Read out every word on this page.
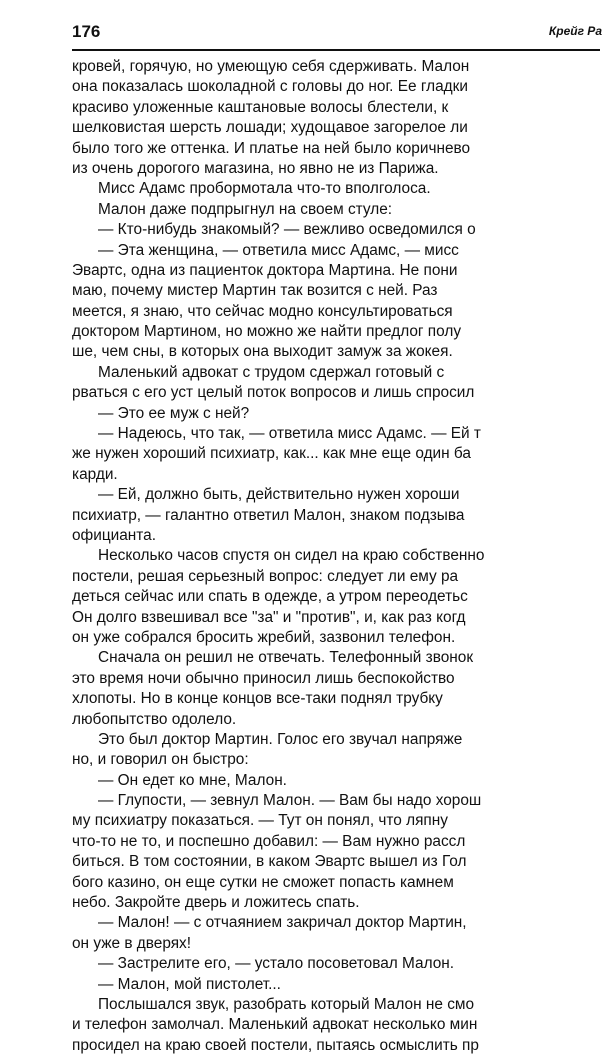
176	Крейг Ра
кровей, горячую, но умеющую себя сдерживать. Малон
она показалась шоколадной с головы до ног. Ее гладки
красиво уложенные каштановые волосы блестели, к
шелковистая шерсть лошади; худощавое загорелое ли
было того же оттенка. И платье на ней было коричнево
из очень дорогого магазина, но явно не из Парижа.
Мисс Адамс пробормотала что-то вполголоса.
Малон даже подпрыгнул на своем стуле:
— Кто-нибудь знакомый? — вежливо осведомился о
— Эта женщина, — ответила мисс Адамс, — мисс
Эвартс, одна из пациенток доктора Мартина. Не пони
маю, почему мистер Мартин так возится с ней. Раз
меется, я знаю, что сейчас модно консультироваться
доктором Мартином, но можно же найти предлог полу
ше, чем сны, в которых она выходит замуж за жокея.
Маленький адвокат с трудом сдержал готовый с
рваться с его уст целый поток вопросов и лишь спросил
— Это ее муж с ней?
— Надеюсь, что так, — ответила мисс Адамс. — Ей т
же нужен хороший психиатр, как... как мне еще один ба
карди.
— Ей, должно быть, действительно нужен хороши
психиатр, — галантно ответил Малон, знаком подзыва
официанта.
Несколько часов спустя он сидел на краю собственно
постели, решая серьезный вопрос: следует ли ему ра
деться сейчас или спать в одежде, а утром переодетьс
Он долго взвешивал все "за" и "против", и, как раз когд
он уже собрался бросить жребий, зазвонил телефон.
Сначала он решил не отвечать. Телефонный звонок
это время ночи обычно приносил лишь беспокойство
хлопоты. Но в конце концов все-таки поднял трубку
любопытство одолело.
Это был доктор Мартин. Голос его звучал напряже
но, и говорил он быстро:
— Он едет ко мне, Малон.
— Глупости, — зевнул Малон. — Вам бы надо хорош
му психиатру показаться. — Тут он понял, что ляпну
что-то не то, и поспешно добавил: — Вам нужно рассл
биться. В том состоянии, в каком Эвартс вышел из Гол
бого казино, он еще сутки не сможет попасть камнем
небо. Закройте дверь и ложитесь спать.
— Малон! — с отчаянием закричал доктор Мартин,
он уже в дверях!
— Застрелите его, — устало посоветовал Малон.
— Малон, мой пистолет...
Послышался звук, разобрать который Малон не смо
и телефон замолчал. Маленький адвокат несколько мин
просидел на краю своей постели, пытаясь осмыслить пр
